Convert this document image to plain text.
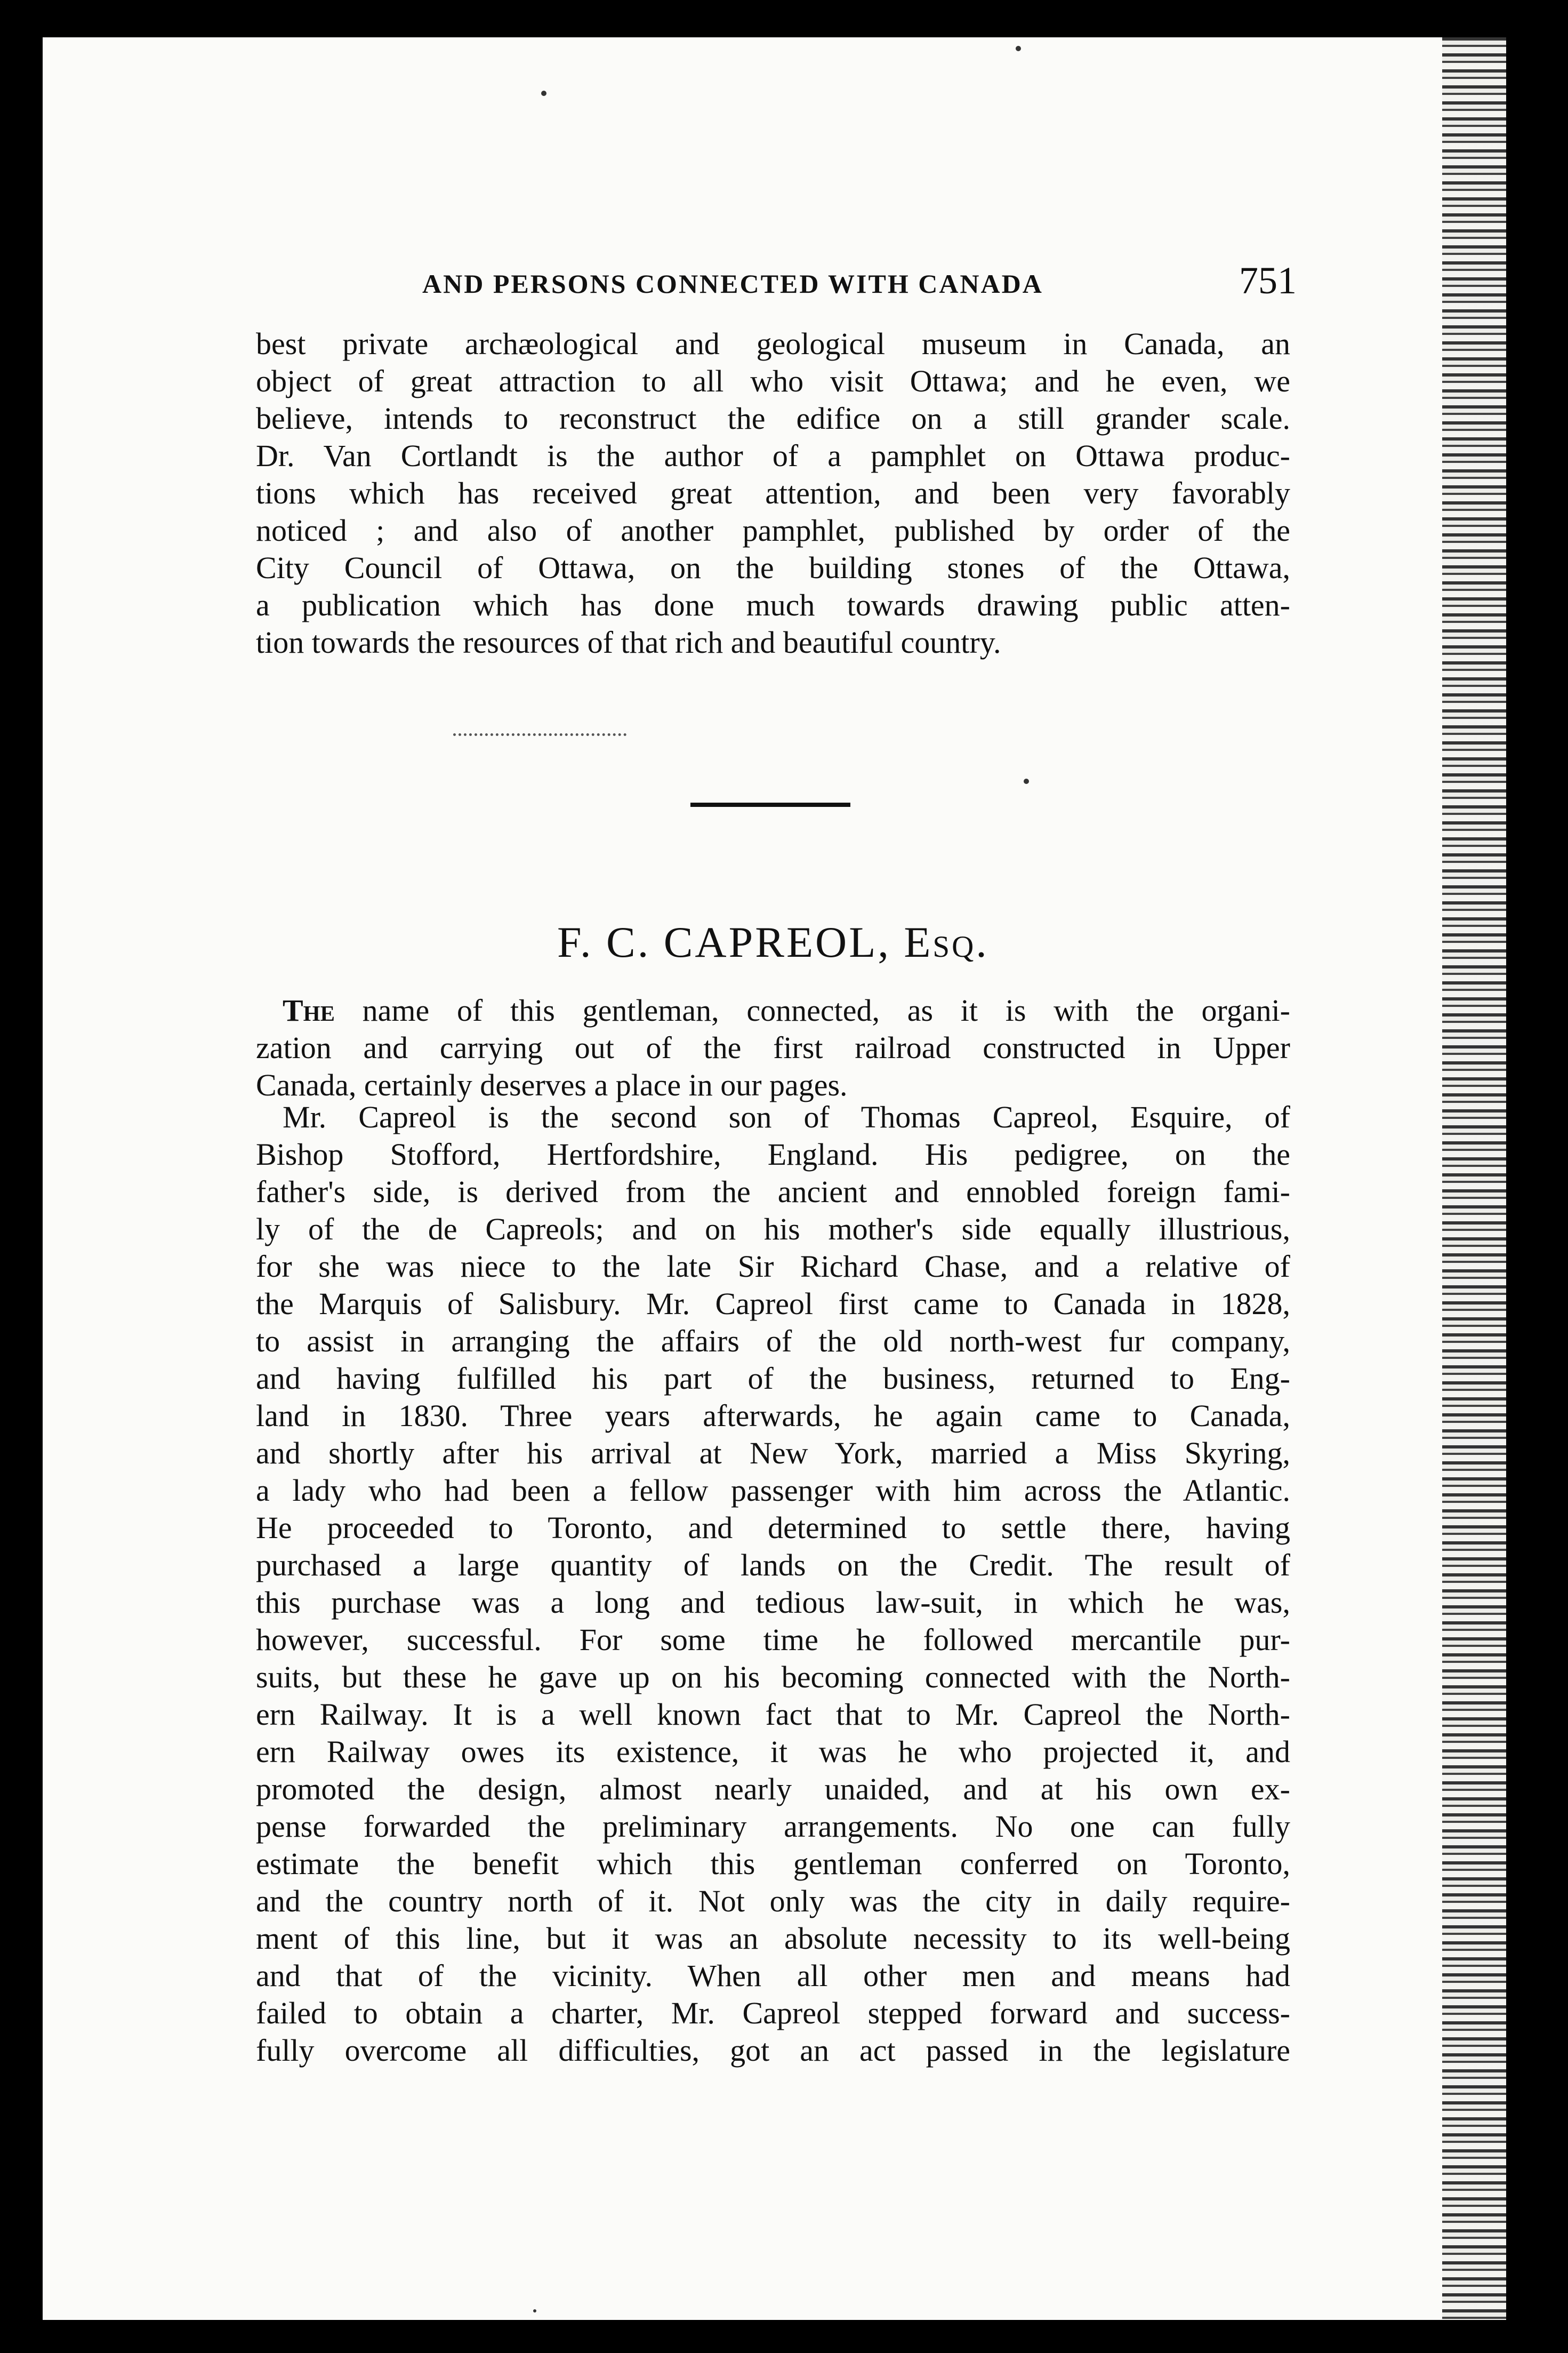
AND PERSONS CONNECTED WITH CANADA	751
best private archæological and geological museum in Canada, an
object of great attraction to all who visit Ottawa; and he even, we
believe, intends to reconstruct the edifice on a still grander scale.
Dr. Van Cortlandt is the author of a pamphlet on Ottawa produc-
tions which has received great attention, and been very favorably
noticed ; and also of another pamphlet, published by order of the
City Council of Ottawa, on the building stones of the Ottawa,
a publication which has done much towards drawing public atten-
tion towards the resources of that rich and beautiful country.
F. C. CAPREOL, Esq.
The name of this gentleman, connected, as it is with the organi-
zation and carrying out of the first railroad constructed in Upper
Canada, certainly deserves a place in our pages.
Mr. Capreol is the second son of Thomas Capreol, Esquire, of
Bishop Stofford, Hertfordshire, England. His pedigree, on the
father's side, is derived from the ancient and ennobled foreign fami-
ly of the de Capreols; and on his mother's side equally illustrious,
for she was niece to the late Sir Richard Chase, and a relative of
the Marquis of Salisbury. Mr. Capreol first came to Canada in 1828,
to assist in arranging the affairs of the old north-west fur company,
and having fulfilled his part of the business, returned to Eng-
land in 1830. Three years afterwards, he again came to Canada,
and shortly after his arrival at New York, married a Miss Skyring,
a lady who had been a fellow passenger with him across the Atlantic.
He proceeded to Toronto, and determined to settle there, having
purchased a large quantity of lands on the Credit. The result of
this purchase was a long and tedious law-suit, in which he was,
however, successful. For some time he followed mercantile pur-
suits, but these he gave up on his becoming connected with the North-
ern Railway. It is a well known fact that to Mr. Capreol the North-
ern Railway owes its existence, it was he who projected it, and
promoted the design, almost nearly unaided, and at his own ex-
pense forwarded the preliminary arrangements. No one can fully
estimate the benefit which this gentleman conferred on Toronto,
and the country north of it. Not only was the city in daily require-
ment of this line, but it was an absolute necessity to its well-being
and that of the vicinity. When all other men and means had
failed to obtain a charter, Mr. Capreol stepped forward and success-
fully overcome all difficulties, got an act passed in the legislature
